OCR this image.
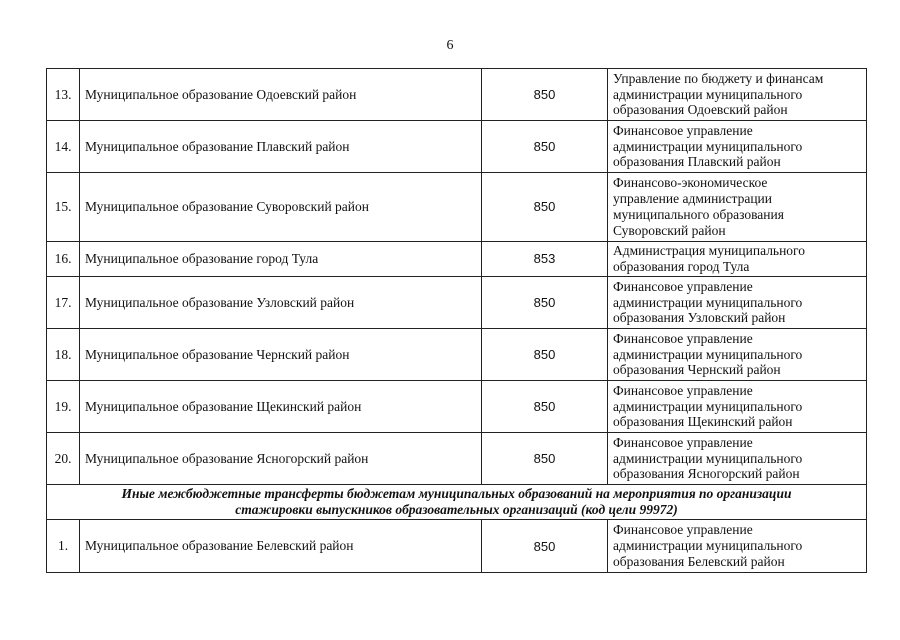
6
13.	Муниципальное образование Одоевский район	850	Управление по бюджету и финансам
администрации муниципального
образования Одоевский район

14.	Муниципальное образование Плавский район	850	Финансовое управление
администрации муниципального
образования Плавский район

15.	Муниципальное образование Суворовский район	850	Финансово-экономическое
управление администрации
муниципального образования
Суворовский район

16.	Муниципальное образование город Тула	853	Администрация муниципального
образования город Тула

17.	Муниципальное образование Узловский район	850	Финансовое управление
администрации муниципального
образования Узловский район

18.	Муниципальное образование Чернский район	850	Финансовое управление
администрации муниципального
образования Чернский район

19.	Муниципальное образование Щекинский район	850	Финансовое управление
администрации муниципального
образования Щекинский район

20.	Муниципальное образование Ясногорский район	850	Финансовое управление
администрации муниципального
образования Ясногорский район

Иные межбюджетные трансферты бюджетам муниципальных образований на мероприятия по организации
стажировки выпускников образовательных организаций (код цели 99972)			

1.	Муниципальное образование Белевский район	850	Финансовое управление
администрации муниципального
образования Белевский район
